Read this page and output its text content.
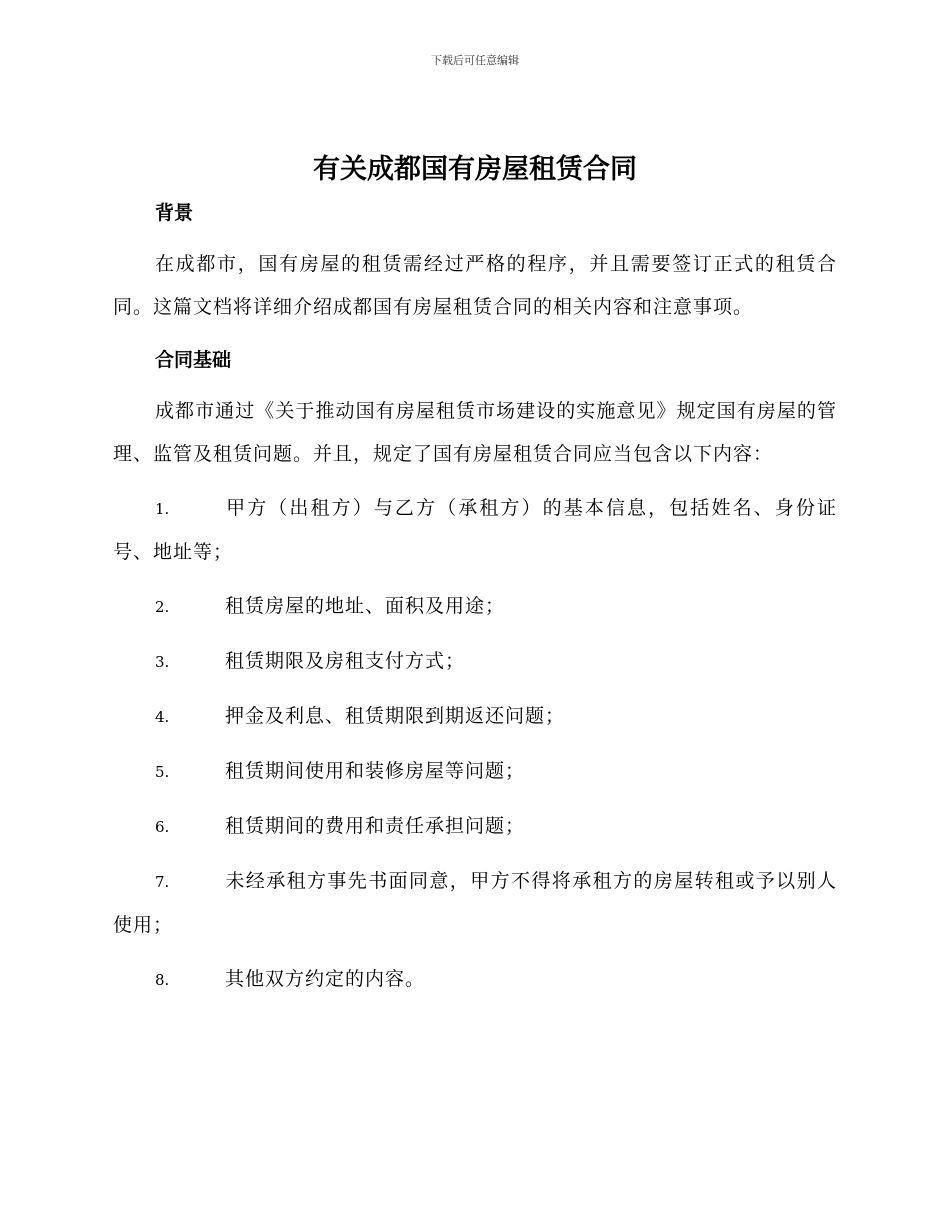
下载后可任意编辑
有关成都国有房屋租赁合同
背景

在成都市，国有房屋的租赁需经过严格的程序，并且需要签订正式的租赁合同。这篇文档将详细介绍成都国有房屋租赁合同的相关内容和注意事项。

合同基础

成都市通过《关于推动国有房屋租赁市场建设的实施意见》规定国有房屋的管理、监管及租赁问题。并且，规定了国有房屋租赁合同应当包含以下内容：

1.	甲方（出租方）与乙方（承租方）的基本信息，包括姓名、身份证号、地址等；
2.	租赁房屋的地址、面积及用途；
3.	租赁期限及房租支付方式；
4.	押金及利息、租赁期限到期返还问题；
5.	租赁期间使用和装修房屋等问题；
6.	租赁期间的费用和责任承担问题；
7.	未经承租方事先书面同意，甲方不得将承租方的房屋转租或予以别人使用；
8.	其他双方约定的内容。
